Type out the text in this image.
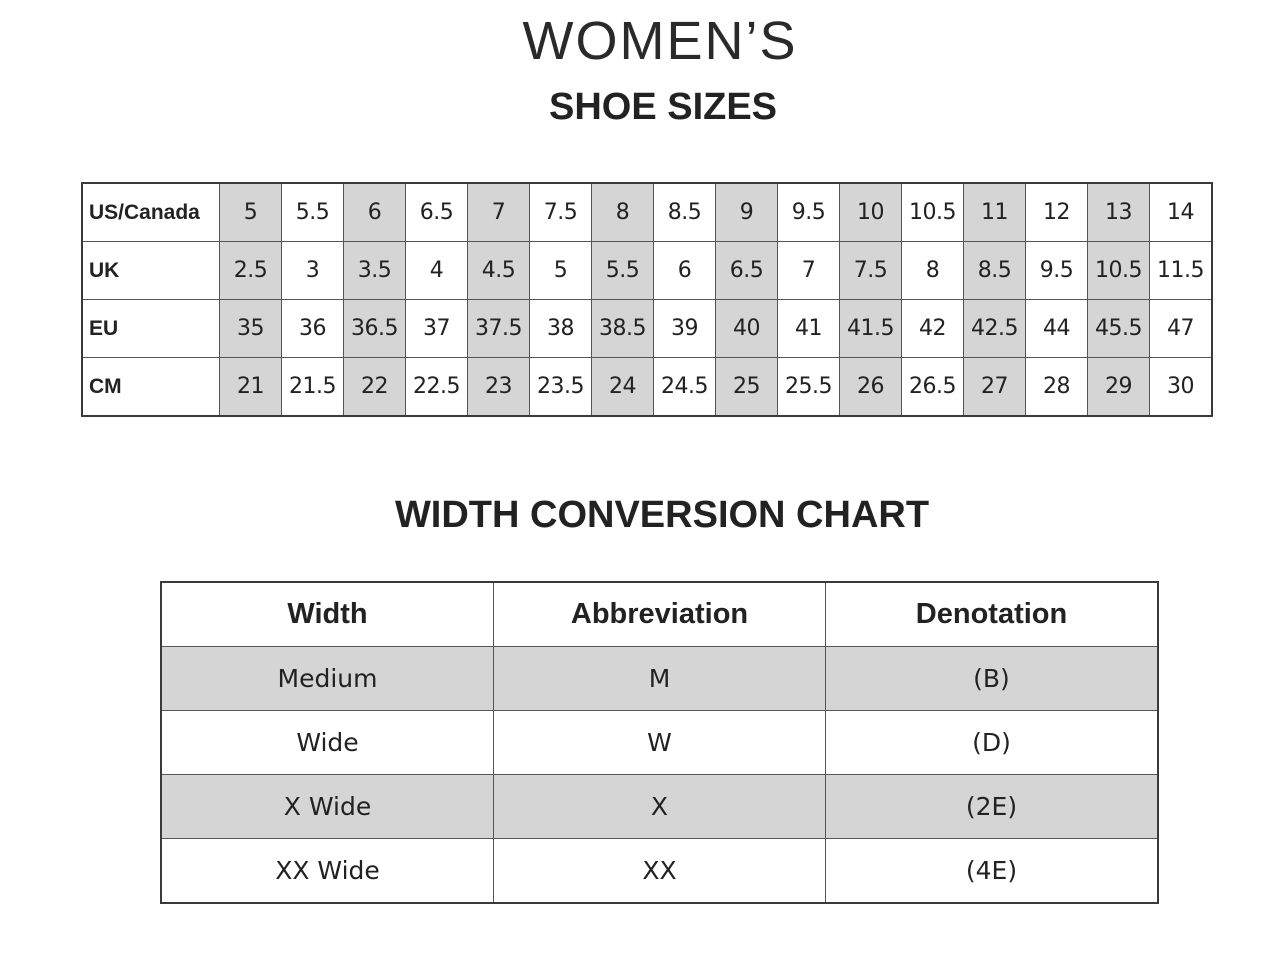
WOMEN’S
SHOE SIZES
US/Canada	5	5.5	6	6.5	7	7.5	8	8.5	9	9.5	10	10.5	11	12	13	14
UK	2.5	3	3.5	4	4.5	5	5.5	6	6.5	7	7.5	8	8.5	9.5	10.5	11.5
EU	35	36	36.5	37	37.5	38	38.5	39	40	41	41.5	42	42.5	44	45.5	47
CM	21	21.5	22	22.5	23	23.5	24	24.5	25	25.5	26	26.5	27	28	29	30
WIDTH CONVERSION CHART
Width	Abbreviation	Denotation
Medium	M	(B)
Wide	W	(D)
X Wide	X	(2E)
XX Wide	XX	(4E)
